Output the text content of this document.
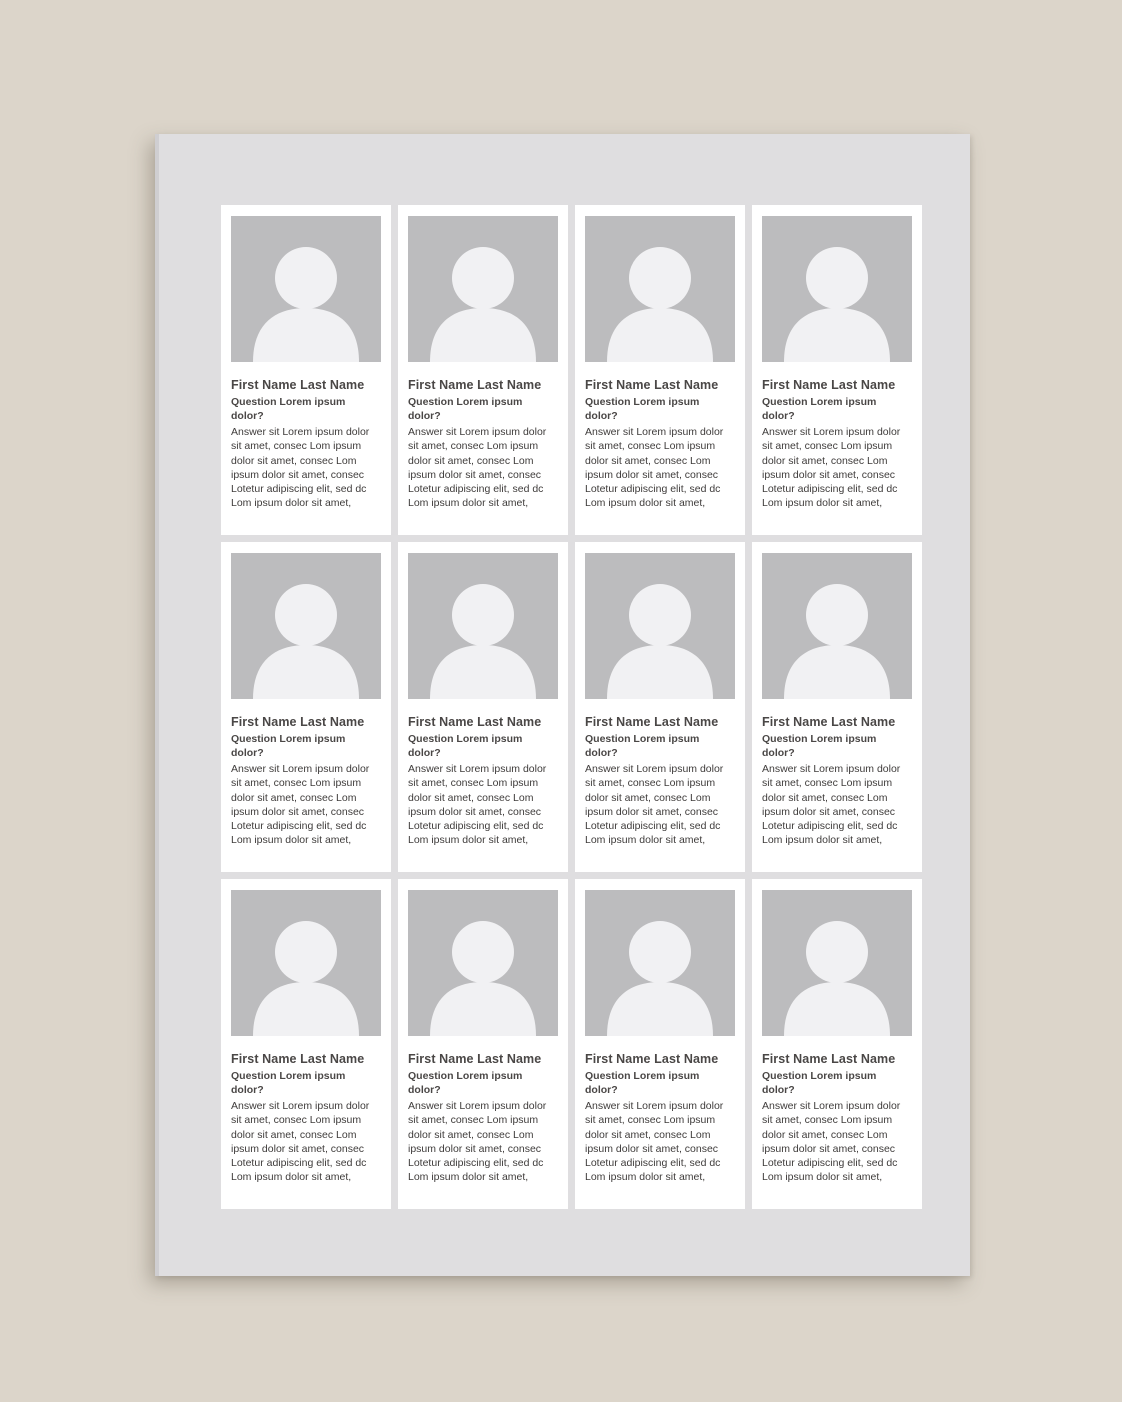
First Name Last Name
Question Lorem ipsum dolor?
Answer sit Lorem ipsum dolor
sit amet, consec Lom ipsum
dolor sit amet, consec Lom
ipsum dolor sit amet, consec
Lotetur adipiscing elit, sed dc
Lom ipsum dolor sit amet,
First Name Last Name
Question Lorem ipsum dolor?
Answer sit Lorem ipsum dolor
sit amet, consec Lom ipsum
dolor sit amet, consec Lom
ipsum dolor sit amet, consec
Lotetur adipiscing elit, sed dc
Lom ipsum dolor sit amet,
First Name Last Name
Question Lorem ipsum dolor?
Answer sit Lorem ipsum dolor
sit amet, consec Lom ipsum
dolor sit amet, consec Lom
ipsum dolor sit amet, consec
Lotetur adipiscing elit, sed dc
Lom ipsum dolor sit amet,
First Name Last Name
Question Lorem ipsum dolor?
Answer sit Lorem ipsum dolor
sit amet, consec Lom ipsum
dolor sit amet, consec Lom
ipsum dolor sit amet, consec
Lotetur adipiscing elit, sed dc
Lom ipsum dolor sit amet,
First Name Last Name
Question Lorem ipsum dolor?
Answer sit Lorem ipsum dolor
sit amet, consec Lom ipsum
dolor sit amet, consec Lom
ipsum dolor sit amet, consec
Lotetur adipiscing elit, sed dc
Lom ipsum dolor sit amet,
First Name Last Name
Question Lorem ipsum dolor?
Answer sit Lorem ipsum dolor
sit amet, consec Lom ipsum
dolor sit amet, consec Lom
ipsum dolor sit amet, consec
Lotetur adipiscing elit, sed dc
Lom ipsum dolor sit amet,
First Name Last Name
Question Lorem ipsum dolor?
Answer sit Lorem ipsum dolor
sit amet, consec Lom ipsum
dolor sit amet, consec Lom
ipsum dolor sit amet, consec
Lotetur adipiscing elit, sed dc
Lom ipsum dolor sit amet,
First Name Last Name
Question Lorem ipsum dolor?
Answer sit Lorem ipsum dolor
sit amet, consec Lom ipsum
dolor sit amet, consec Lom
ipsum dolor sit amet, consec
Lotetur adipiscing elit, sed dc
Lom ipsum dolor sit amet,
First Name Last Name
Question Lorem ipsum dolor?
Answer sit Lorem ipsum dolor
sit amet, consec Lom ipsum
dolor sit amet, consec Lom
ipsum dolor sit amet, consec
Lotetur adipiscing elit, sed dc
Lom ipsum dolor sit amet,
First Name Last Name
Question Lorem ipsum dolor?
Answer sit Lorem ipsum dolor
sit amet, consec Lom ipsum
dolor sit amet, consec Lom
ipsum dolor sit amet, consec
Lotetur adipiscing elit, sed dc
Lom ipsum dolor sit amet,
First Name Last Name
Question Lorem ipsum dolor?
Answer sit Lorem ipsum dolor
sit amet, consec Lom ipsum
dolor sit amet, consec Lom
ipsum dolor sit amet, consec
Lotetur adipiscing elit, sed dc
Lom ipsum dolor sit amet,
First Name Last Name
Question Lorem ipsum dolor?
Answer sit Lorem ipsum dolor
sit amet, consec Lom ipsum
dolor sit amet, consec Lom
ipsum dolor sit amet, consec
Lotetur adipiscing elit, sed dc
Lom ipsum dolor sit amet,
